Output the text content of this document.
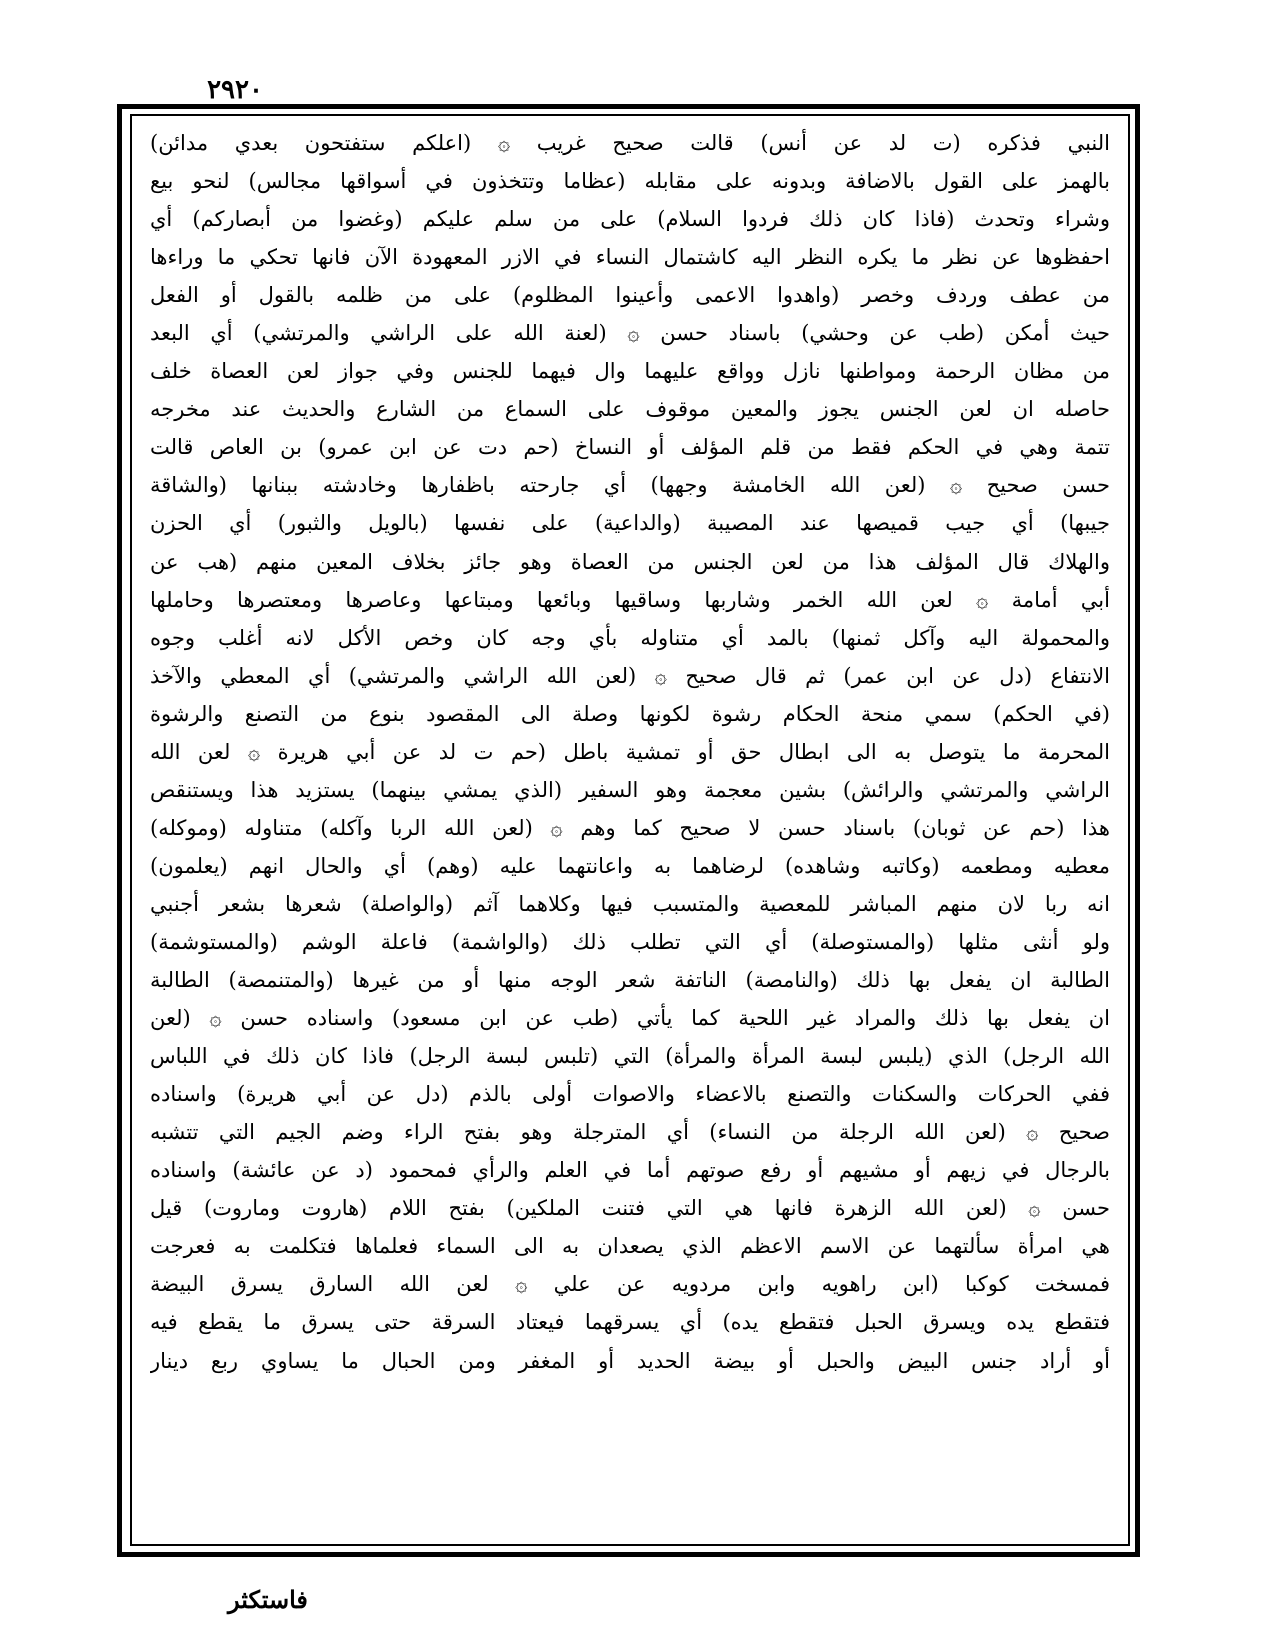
٢٩٢٠
النبي فذكره (ت لد عن أنس) قالت صحيح غريب ۞ (اعلكم ستفتحون بعدي مدائن)
بالهمز على القول بالاضافة وبدونه على مقابله (عظاما وتتخذون في أسواقها مجالس) لنحو بيع
وشراء وتحدث (فاذا كان ذلك فردوا السلام) على من سلم عليكم (وغضوا من أبصاركم) أي
احفظوها عن نظر ما يكره النظر اليه كاشتمال النساء في الازر المعهودة الآن فانها تحكي ما وراءها
من عطف وردف وخصر (واهدوا الاعمى وأعينوا المظلوم) على من ظلمه بالقول أو الفعل
حيث أمكن (طب عن وحشي) باسناد حسن ۞ (لعنة الله على الراشي والمرتشي) أي البعد
من مظان الرحمة ومواطنها نازل وواقع عليهما وال فيهما للجنس وفي جواز لعن العصاة خلف
حاصله ان لعن الجنس يجوز والمعين موقوف على السماع من الشارع والحديث عند مخرجه
تتمة وهي في الحكم فقط من قلم المؤلف أو النساخ (حم دت عن ابن عمرو) بن العاص قالت
حسن صحيح ۞ (لعن الله الخامشة وجهها) أي جارحته باظفارها وخادشته ببنانها (والشاقة
جيبها) أي جيب قميصها عند المصيبة (والداعية) على نفسها (بالويل والثبور) أي الحزن
والهلاك قال المؤلف هذا من لعن الجنس من العصاة وهو جائز بخلاف المعين منهم (هب عن
أبي أمامة ۞ لعن الله الخمر وشاربها وساقيها وبائعها ومبتاعها وعاصرها ومعتصرها وحاملها
والمحمولة اليه وآكل ثمنها) بالمد أي متناوله بأي وجه كان وخص الأكل لانه أغلب وجوه
الانتفاع (دل عن ابن عمر) ثم قال صحيح ۞ (لعن الله الراشي والمرتشي) أي المعطي والآخذ
(في الحكم) سمي منحة الحكام رشوة لكونها وصلة الى المقصود بنوع من التصنع والرشوة
المحرمة ما يتوصل به الى ابطال حق أو تمشية باطل (حم ت لد عن أبي هريرة ۞ لعن الله
الراشي والمرتشي والرائش) بشين معجمة وهو السفير (الذي يمشي بينهما) يستزيد هذا ويستنقص
هذا (حم عن ثوبان) باسناد حسن لا صحيح كما وهم ۞ (لعن الله الربا وآكله) متناوله (وموكله)
معطيه ومطعمه (وكاتبه وشاهده) لرضاهما به واعانتهما عليه (وهم) أي والحال انهم (يعلمون)
انه ربا لان منهم المباشر للمعصية والمتسبب فيها وكلاهما آثم (والواصلة) شعرها بشعر أجنبي
ولو أنثى مثلها (والمستوصلة) أي التي تطلب ذلك (والواشمة) فاعلة الوشم (والمستوشمة)
الطالبة ان يفعل بها ذلك (والنامصة) الناتفة شعر الوجه منها أو من غيرها (والمتنمصة) الطالبة
ان يفعل بها ذلك والمراد غير اللحية كما يأتي (طب عن ابن مسعود) واسناده حسن ۞ (لعن
الله الرجل) الذي (يلبس لبسة المرأة والمرأة) التي (تلبس لبسة الرجل) فاذا كان ذلك في اللباس
ففي الحركات والسكنات والتصنع بالاعضاء والاصوات أولى بالذم (دل عن أبي هريرة) واسناده
صحيح ۞ (لعن الله الرجلة من النساء) أي المترجلة وهو بفتح الراء وضم الجيم التي تتشبه
بالرجال في زيهم أو مشيهم أو رفع صوتهم أما في العلم والرأي فمحمود (د عن عائشة) واسناده
حسن ۞ (لعن الله الزهرة فانها هي التي فتنت الملكين) بفتح اللام (هاروت وماروت) قيل
هي امرأة سألتهما عن الاسم الاعظم الذي يصعدان به الى السماء فعلماها فتكلمت به فعرجت
فمسخت كوكبا (ابن راهويه وابن مردويه عن علي ۞ لعن الله السارق يسرق البيضة
فتقطع يده ويسرق الحبل فتقطع يده) أي يسرقهما فيعتاد السرقة حتى يسرق ما يقطع فيه
أو أراد جنس البيض والحبل أو بيضة الحديد أو المغفر ومن الحبال ما يساوي ربع دينار
فاستكثر
